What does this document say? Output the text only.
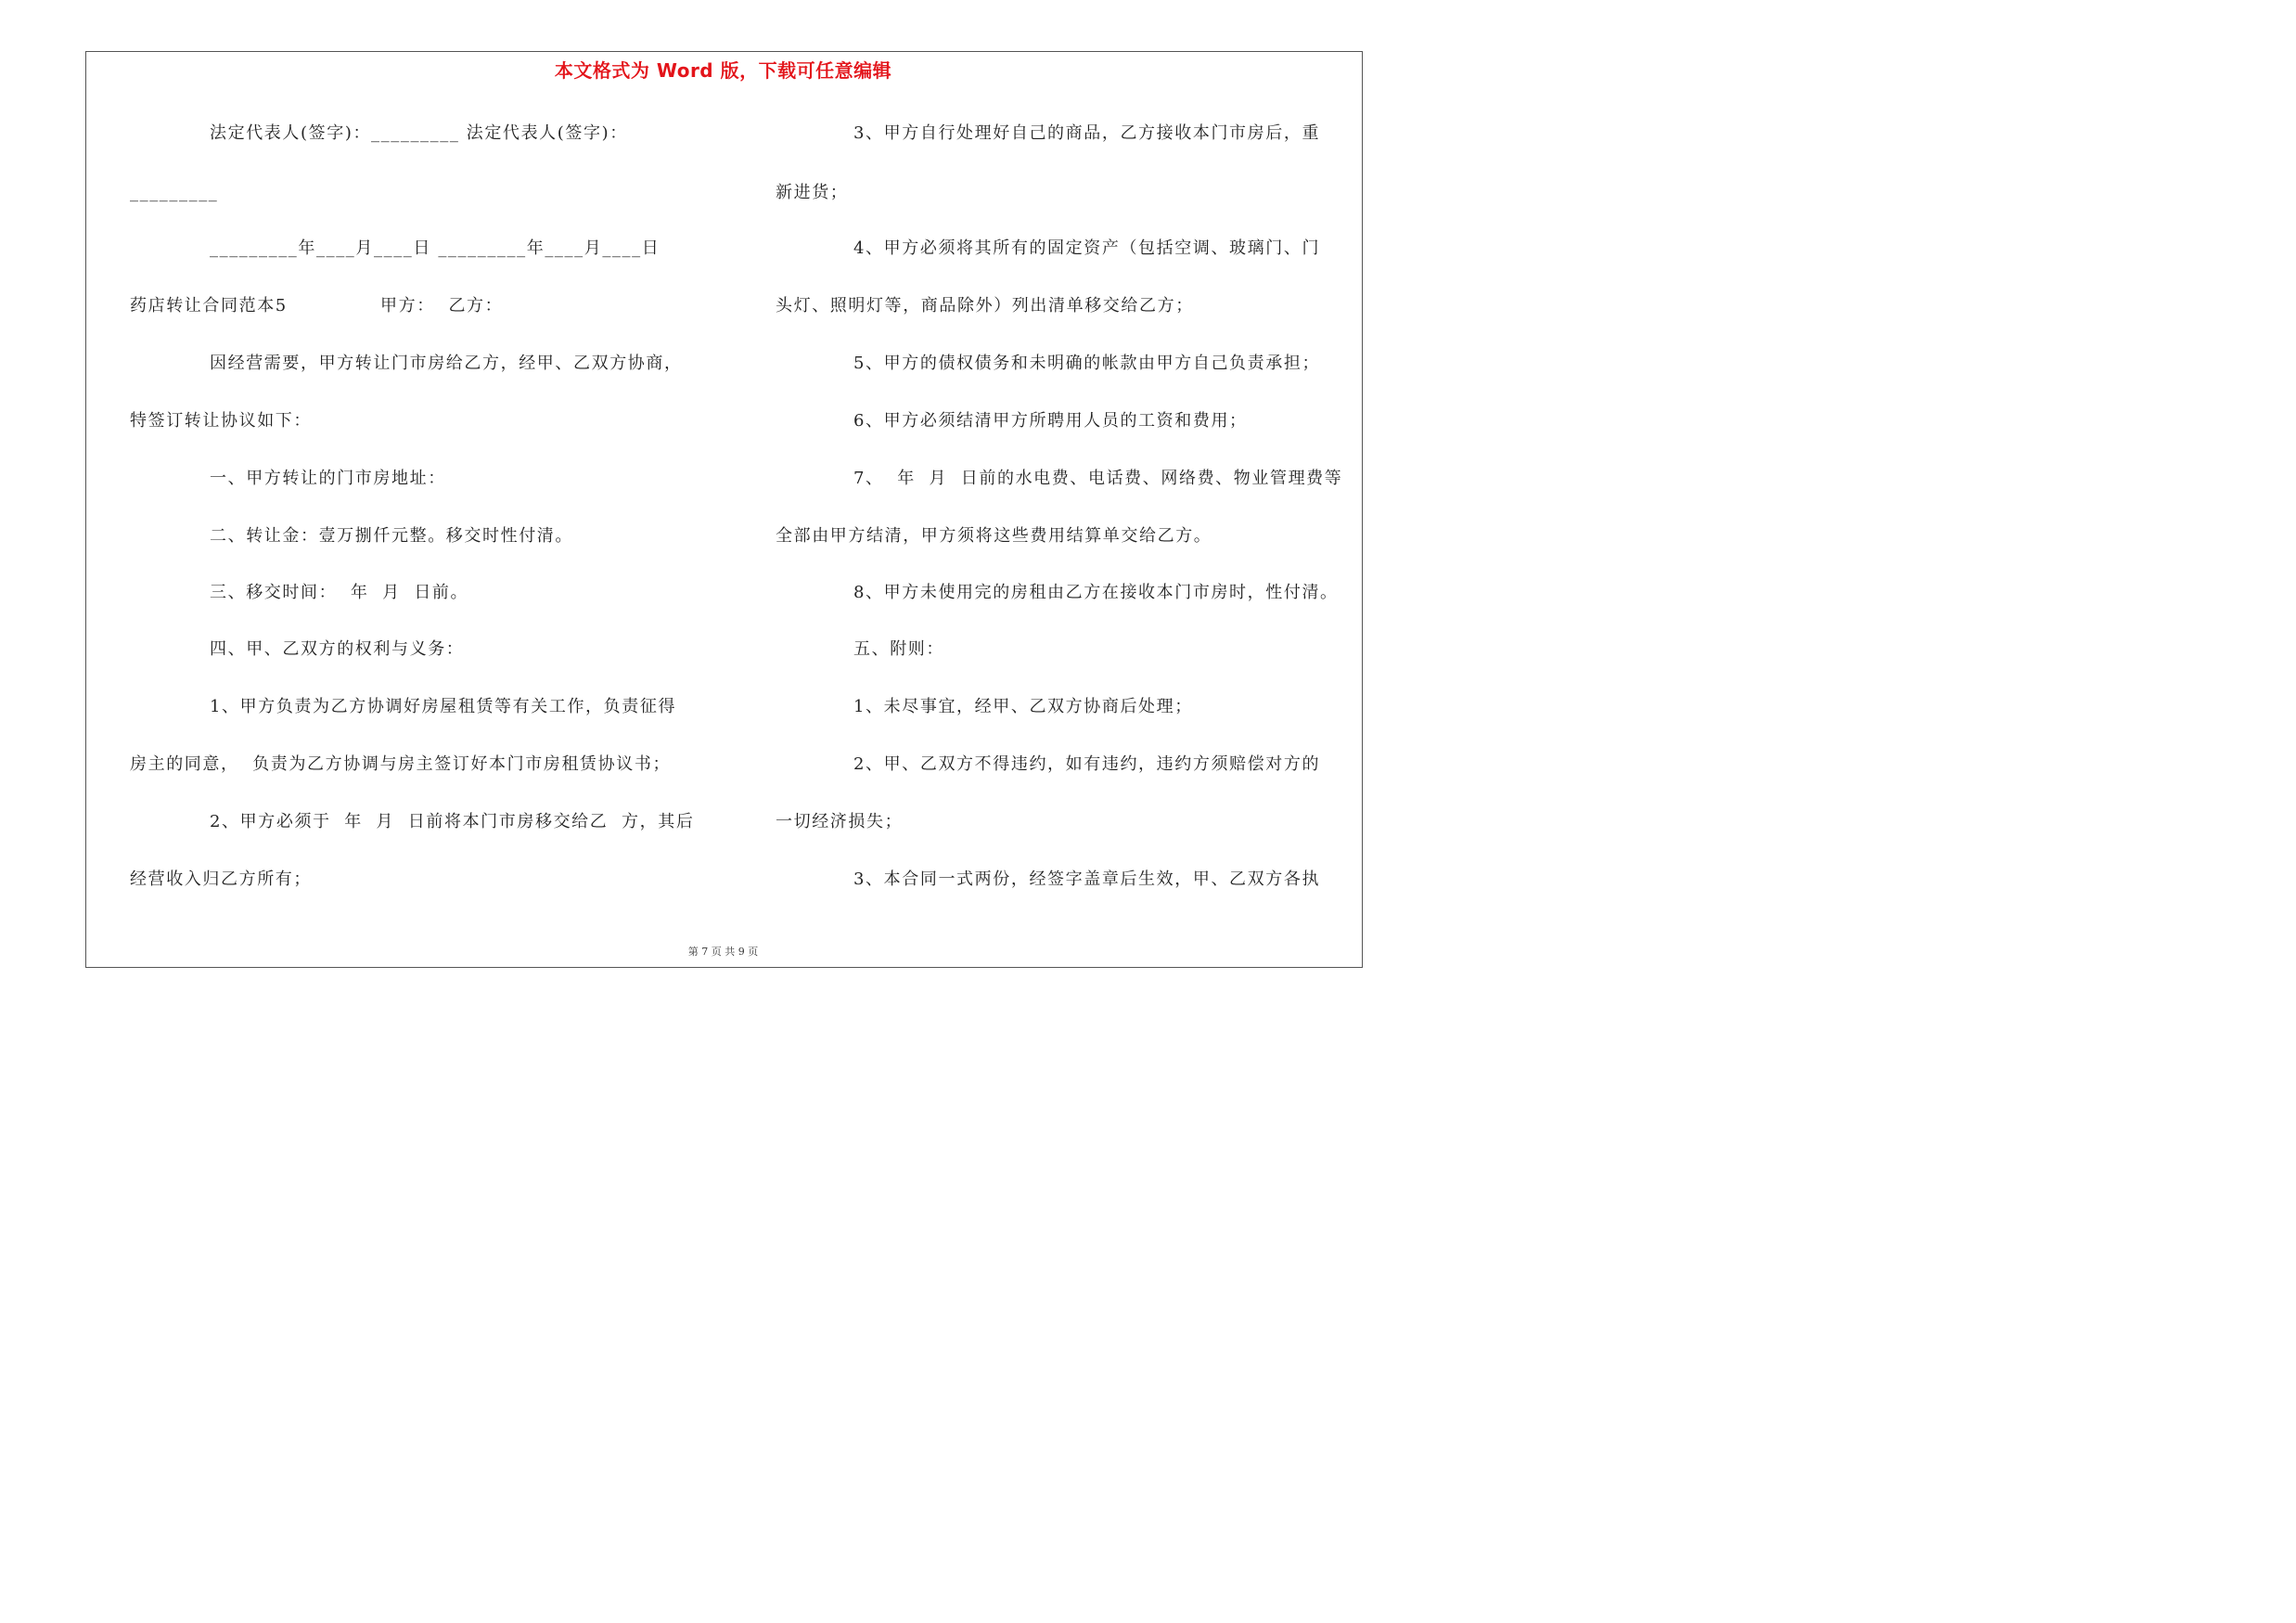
本文格式为 Word 版，下载可任意编辑
法定代表人(签字)：_________ 法定代表人(签字)：
_________
_________年____月____日 _________年____月____日
药店转让合同范本5	甲方：  乙方：
因经营需要，甲方转让门市房给乙方，经甲、乙双方协商，
特签订转让协议如下：
一、甲方转让的门市房地址：
二、转让金：壹万捌仟元整。移交时性付清。
三、移交时间：  年  月  日前。
四、甲、乙双方的权利与义务：
1、甲方负责为乙方协调好房屋租赁等有关工作，负责征得
房主的同意，  负责为乙方协调与房主签订好本门市房租赁协议书；
2、甲方必须于  年  月  日前将本门市房移交给乙  方，其后
经营收入归乙方所有；
3、甲方自行处理好自己的商品，乙方接收本门市房后，重
新进货；
4、甲方必须将其所有的固定资产（包括空调、玻璃门、门
头灯、照明灯等，商品除外）列出清单移交给乙方；
5、甲方的债权债务和未明确的帐款由甲方自己负责承担；
6、甲方必须结清甲方所聘用人员的工资和费用；
7、  年  月  日前的水电费、电话费、网络费、物业管理费等
全部由甲方结清，甲方须将这些费用结算单交给乙方。
8、甲方未使用完的房租由乙方在接收本门市房时，性付清。
五、附则：
1、未尽事宜，经甲、乙双方协商后处理；
2、甲、乙双方不得违约，如有违约，违约方须赔偿对方的
一切经济损失；
3、本合同一式两份，经签字盖章后生效，甲、乙双方各执
第 7 页 共 9 页
